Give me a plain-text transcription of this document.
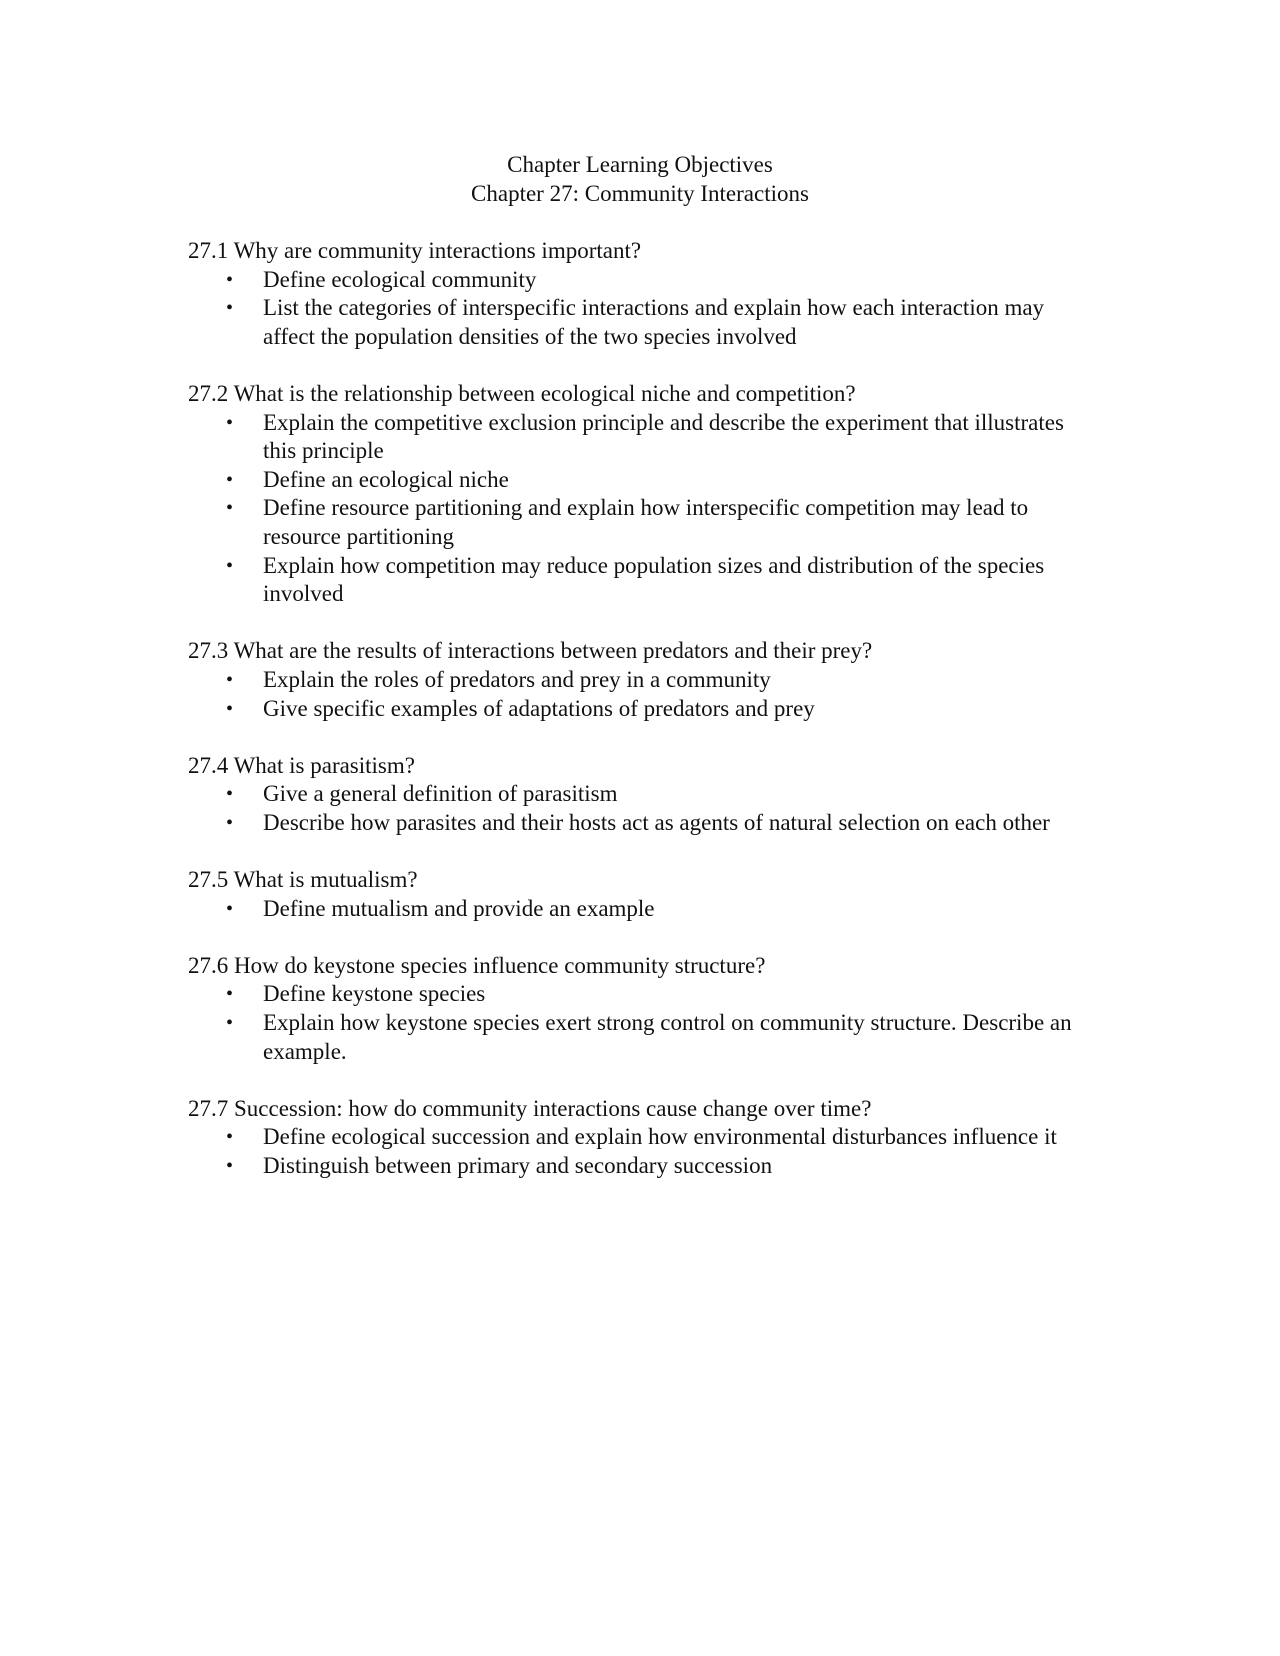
Chapter Learning Objectives
Chapter 27: Community Interactions
27.1 Why are community interactions important?
• Define ecological community
• List the categories of interspecific interactions and explain how each interaction may affect the population densities of the two species involved
27.2 What is the relationship between ecological niche and competition?
• Explain the competitive exclusion principle and describe the experiment that illustrates this principle
• Define an ecological niche
• Define resource partitioning and explain how interspecific competition may lead to resource partitioning
• Explain how competition may reduce population sizes and distribution of the species involved
27.3 What are the results of interactions between predators and their prey?
• Explain the roles of predators and prey in a community
• Give specific examples of adaptations of predators and prey
27.4 What is parasitism?
• Give a general definition of parasitism
• Describe how parasites and their hosts act as agents of natural selection on each other
27.5 What is mutualism?
• Define mutualism and provide an example
27.6 How do keystone species influence community structure?
• Define keystone species
• Explain how keystone species exert strong control on community structure. Describe an example.
27.7 Succession: how do community interactions cause change over time?
• Define ecological succession and explain how environmental disturbances influence it
• Distinguish between primary and secondary succession
